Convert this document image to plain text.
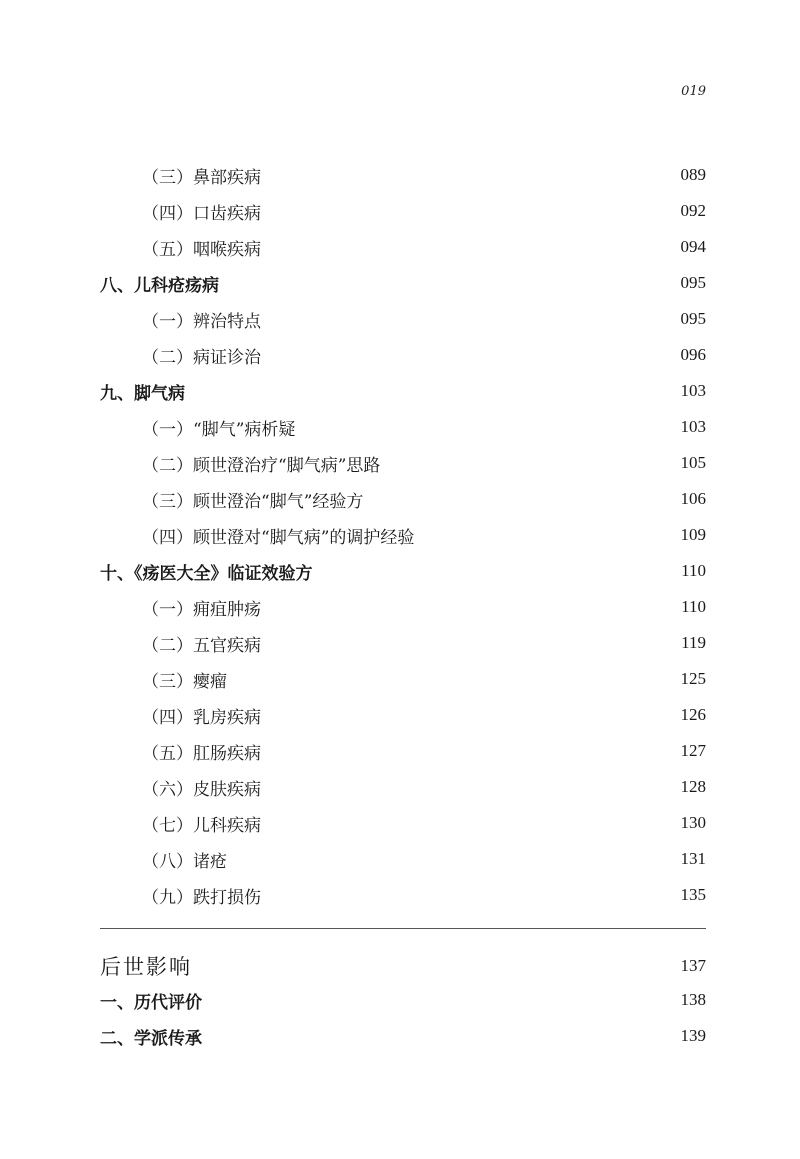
019
（三）鼻部疾病	089
（四）口齿疾病	092
（五）咽喉疾病	094
八、儿科疮疡病	095
（一）辨治特点	095
（二）病证诊治	096
九、脚气病	103
（一）“脚气”病析疑	103
（二）顾世澄治疗“脚气病”思路	105
（三）顾世澄治“脚气”经验方	106
（四）顾世澄对“脚气病”的调护经验	109
十、《疡医大全》临证效验方	110
（一）痈疽肿疡	110
（二）五官疾病	119
（三）瘿瘤	125
（四）乳房疾病	126
（五）肛肠疾病	127
（六）皮肤疾病	128
（七）儿科疾病	130
（八）诸疮	131
（九）跌打损伤	135
后世影响	137
一、历代评价	138
二、学派传承	139
